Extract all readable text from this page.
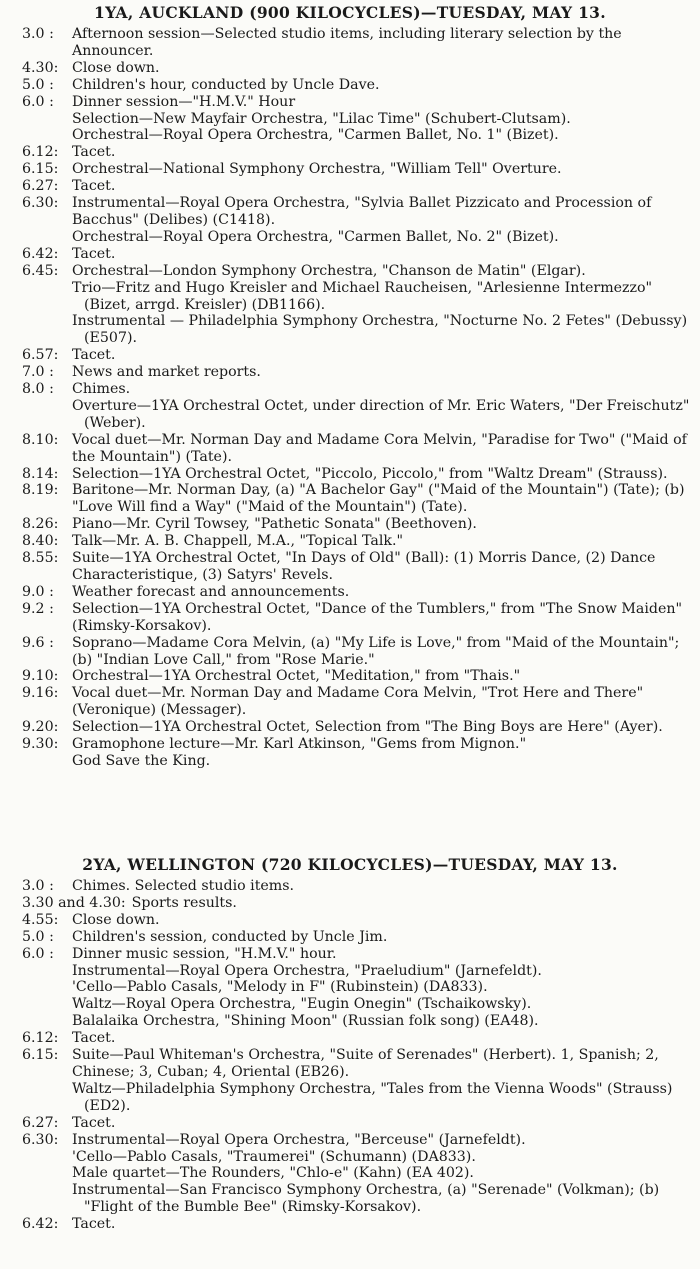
1YA, AUCKLAND (900 KILOCYCLES)—TUESDAY, MAY 13.
3.0 : Afternoon session—Selected studio items, including literary selection by the Announcer.
4.30: Close down.
5.0 : Children's hour, conducted by Uncle Dave.
6.0 : Dinner session—"H.M.V." Hour
Selection—New Mayfair Orchestra, "Lilac Time" (Schubert-Clutsam).
Orchestral—Royal Opera Orchestra, "Carmen Ballet, No. 1" (Bizet).
6.12: Tacet.
6.15: Orchestral—National Symphony Orchestra, "William Tell" Overture.
6.27: Tacet.
6.30: Instrumental—Royal Opera Orchestra, "Sylvia Ballet Pizzicato and Procession of Bacchus" (Delibes) (C1418).
Orchestral—Royal Opera Orchestra, "Carmen Ballet, No. 2" (Bizet).
6.42: Tacet.
6.45: Orchestral—London Symphony Orchestra, "Chanson de Matin" (Elgar).
Trio—Fritz and Hugo Kreisler and Michael Raucheisen, "Arlesienne Intermezzo" (Bizet, arrgd. Kreisler) (DB1166).
Instrumental — Philadelphia Symphony Orchestra, "Nocturne No. 2 Fetes" (Debussy) (E507).
6.57: Tacet.
7.0 : News and market reports.
8.0 : Chimes.
Overture—1YA Orchestral Octet, under direction of Mr. Eric Waters, "Der Freischutz" (Weber).
8.10: Vocal duet—Mr. Norman Day and Madame Cora Melvin, "Paradise for Two" ("Maid of the Mountain") (Tate).
8.14: Selection—1YA Orchestral Octet, "Piccolo, Piccolo," from "Waltz Dream" (Strauss).
8.19: Baritone—Mr. Norman Day, (a) "A Bachelor Gay" ("Maid of the Mountain") (Tate); (b) "Love Will find a Way" ("Maid of the Mountain") (Tate).
8.26: Piano—Mr. Cyril Towsey, "Pathetic Sonata" (Beethoven).
8.40: Talk—Mr. A. B. Chappell, M.A., "Topical Talk."
8.55: Suite—1YA Orchestral Octet, "In Days of Old" (Ball): (1) Morris Dance, (2) Dance Characteristique, (3) Satyrs' Revels.
9.0 : Weather forecast and announcements.
9.2 : Selection—1YA Orchestral Octet, "Dance of the Tumblers," from "The Snow Maiden" (Rimsky-Korsakov).
9.6 : Soprano—Madame Cora Melvin, (a) "My Life is Love," from "Maid of the Mountain"; (b) "Indian Love Call," from "Rose Marie."
9.10: Orchestral—1YA Orchestral Octet, "Meditation," from "Thais."
9.16: Vocal duet—Mr. Norman Day and Madame Cora Melvin, "Trot Here and There" (Veronique) (Messager).
9.20: Selection—1YA Orchestral Octet, Selection from "The Bing Boys are Here" (Ayer).
9.30: Gramophone lecture—Mr. Karl Atkinson, "Gems from Mignon."
God Save the King.
2YA, WELLINGTON (720 KILOCYCLES)—TUESDAY, MAY 13.
3.0 : Chimes. Selected studio items.
3.30 and 4.30: Sports results.
4.55: Close down.
5.0 : Children's session, conducted by Uncle Jim.
6.0 : Dinner music session, "H.M.V." hour.
Instrumental—Royal Opera Orchestra, "Praeludium" (Jarnefeldt).
'Cello—Pablo Casals, "Melody in F" (Rubinstein) (DA833).
Waltz—Royal Opera Orchestra, "Eugin Onegin" (Tschaikowsky).
Balalaika Orchestra, "Shining Moon" (Russian folk song) (EA48).
6.12: Tacet.
6.15: Suite—Paul Whiteman's Orchestra, "Suite of Serenades" (Herbert). 1, Spanish; 2, Chinese; 3, Cuban; 4, Oriental (EB26).
Waltz—Philadelphia Symphony Orchestra, "Tales from the Vienna Woods" (Strauss) (ED2).
6.27: Tacet.
6.30: Instrumental—Royal Opera Orchestra, "Berceuse" (Jarnefeldt).
'Cello—Pablo Casals, "Traumerei" (Schumann) (DA833).
Male quartet—The Rounders, "Chlo-e" (Kahn) (EA 402).
Instrumental—San Francisco Symphony Orchestra, (a) "Serenade" (Volkman); (b) "Flight of the Bumble Bee" (Rimsky-Korsakov).
6.42: Tacet.
